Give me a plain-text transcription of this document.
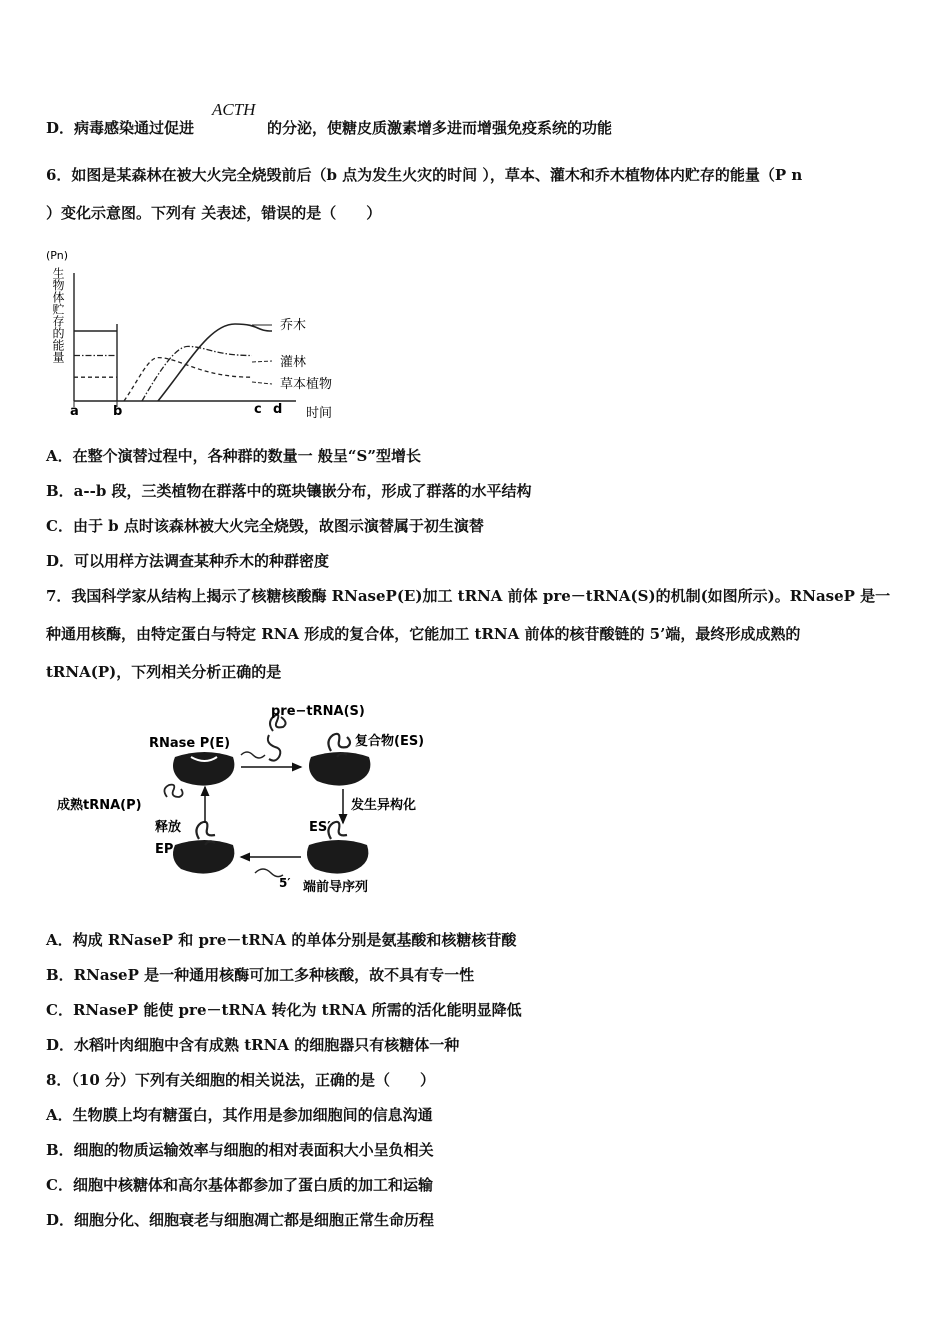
D．病毒感染通过促进
ACTH
的分泌，使糖皮质激素增多进而增强免疫系统的功能
6．如图是某森林在被大火完全烧毁前后（b 点为发生火灾的时间 ），草本、灌木和乔木植物体内贮存的能量（P n
）变化示意图。下列有 关表述，错误的是（　　）
(Pn)
生物体贮存的能量	乔木
灌林
草本植物
a	b	c d 时间
A．在整个演替过程中，各种群的数量一 般呈“S”型增长
B．a--b 段，三类植物在群落中的斑块镶嵌分布，形成了群落的水平结构
C．由于 b 点时该森林被大火完全烧毁，故图示演替属于初生演替
D．可以用样方法调查某种乔木的种群密度
7．我国科学家从结构上揭示了核糖核酸酶 RNaseP(E)加工 tRNA 前体 pre－tRNA(S)的机制(如图所示)。RNaseP 是一
种通用核酶，由特定蛋白与特定 RNA 形成的复合体，它能加工 tRNA 前体的核苷酸链的 5’端，最终形成成熟的
tRNA(P)，下列相关分析正确的是
RNase P(E)
pre−tRNA(S)
复合物(ES)
发生异构化
ES′
5′ 端前导序列
EP
释放
成熟tRNA(P)
A．构成 RNaseP 和 pre－tRNA 的单体分别是氨基酸和核糖核苷酸
B．RNaseP 是一种通用核酶可加工多种核酸，故不具有专一性
C．RNaseP 能使 pre－tRNA 转化为 tRNA 所需的活化能明显降低
D．水稻叶肉细胞中含有成熟 tRNA 的细胞器只有核糖体一种
8．（10 分）下列有关细胞的相关说法，正确的是（　　）
A．生物膜上均有糖蛋白，其作用是参加细胞间的信息沟通
B．细胞的物质运输效率与细胞的相对表面积大小呈负相关
C．细胞中核糖体和高尔基体都参加了蛋白质的加工和运输
D．细胞分化、细胞衰老与细胞凋亡都是细胞正常生命历程
